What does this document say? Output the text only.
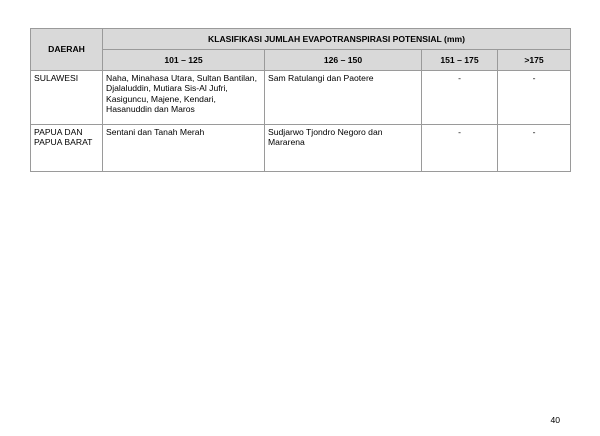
DAERAH	KLASIFIKASI JUMLAH EVAPOTRANSPIRASI POTENSIAL (mm)			
	101 – 125	126 – 150	151 – 175	>175
SULAWESI	Naha, Minahasa Utara, Sultan Bantilan, Djalaluddin, Mutiara Sis-Al Jufri, Kasiguncu, Majene, Kendari, Hasanuddin dan Maros	Sam Ratulangi dan Paotere	-	-
PAPUA DAN PAPUA BARAT	Sentani dan Tanah Merah	Sudjarwo Tjondro Negoro dan Mararena	-	-
40
